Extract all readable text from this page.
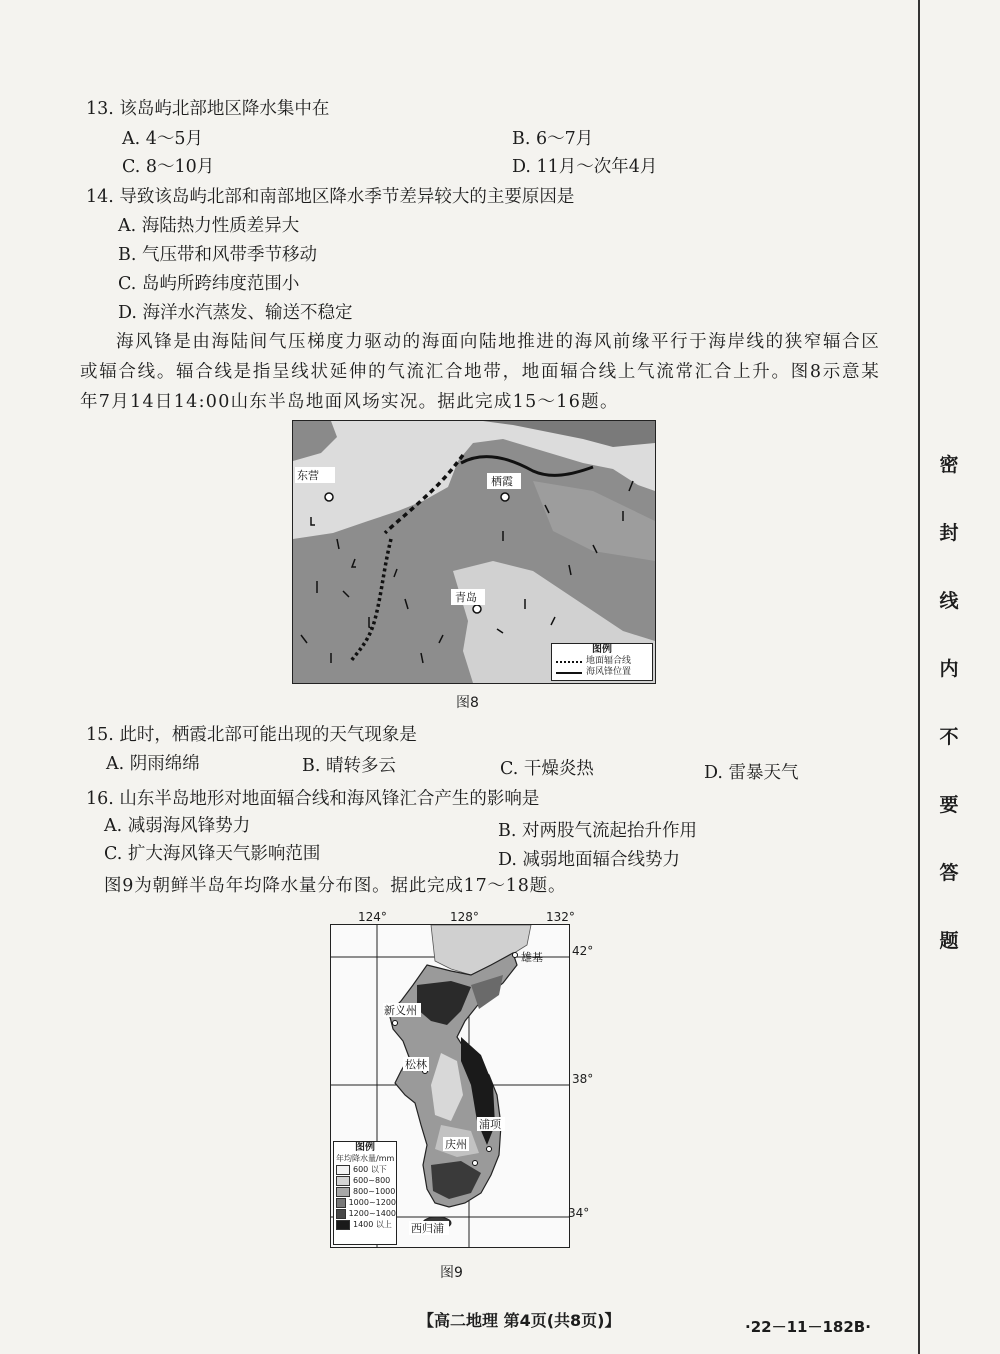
13. 该岛屿北部地区降水集中在
A. 4～5月	B. 6～7月
C. 8～10月	D. 11月～次年4月
14. 导致该岛屿北部和南部地区降水季节差异较大的主要原因是
A. 海陆热力性质差异大
B. 气压带和风带季节移动
C. 岛屿所跨纬度范围小
D. 海洋水汽蒸发、输送不稳定
海风锋是由海陆间气压梯度力驱动的海面向陆地推进的海风前缘平行于海岸线的狭窄辐合区或辐合线。辐合线是指呈线状延伸的气流汇合地带，地面辐合线上气流常汇合上升。图8示意某年7月14日14:00山东半岛地面风场实况。据此完成15～16题。
东营	栖霞
青岛
图例
地面辐合线
海风锋位置
图8
15. 此时，栖霞北部可能出现的天气现象是
A. 阴雨绵绵	B. 晴转多云	C. 干燥炎热	D. 雷暴天气
16. 山东半岛地形对地面辐合线和海风锋汇合产生的影响是
A. 减弱海风锋势力	B. 对两股气流起抬升作用
C. 扩大海风锋天气影响范围	D. 减弱地面辐合线势力
图9为朝鲜半岛年均降水量分布图。据此完成17～18题。
124°	128°	132°
雄基
新义州
松林
庆州
浦项
西归浦
图例
年均降水量/mm
600 以下
600~800
800~1000
1000~1200
1200~1400
1400 以上
42°
38°
34°
图9
【高二地理 第4页(共8页)】	·22－11－182B·
密
封
线
内
不
要
答
题
